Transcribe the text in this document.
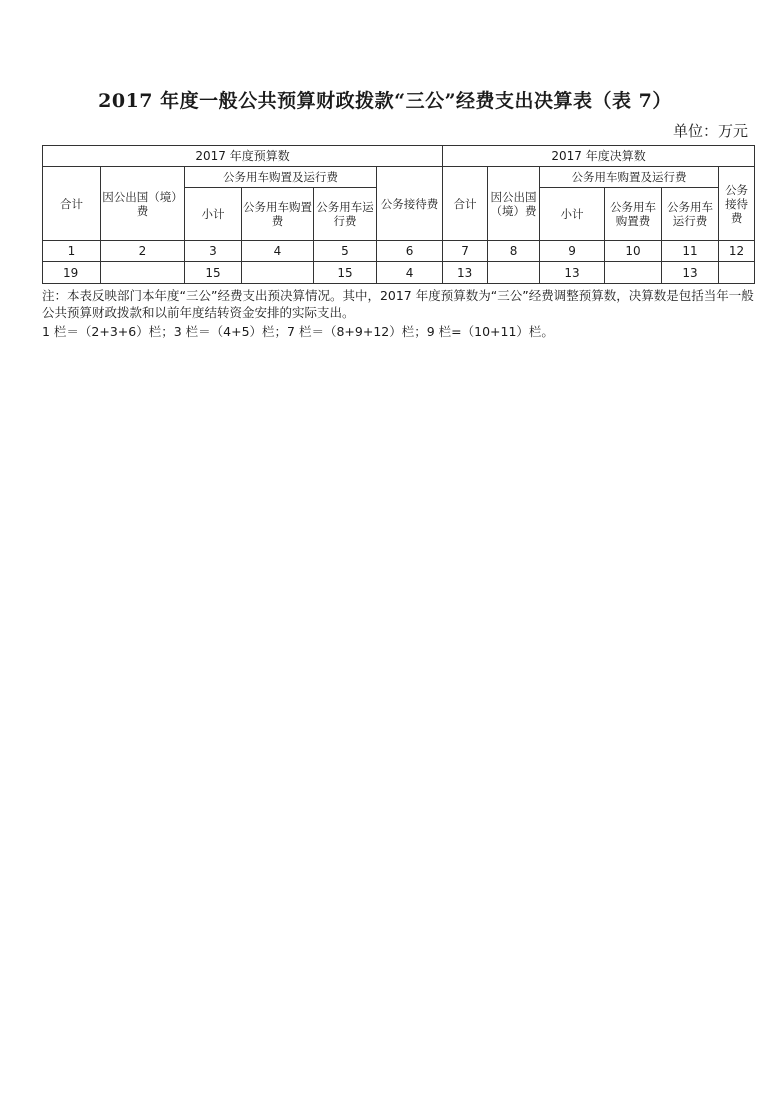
2017 年度一般公共预算财政拨款“三公”经费支出决算表（表 7）
单位：万元
2017 年度预算数						2017 年度决算数					
合计	因公出国（境）费	公务用车购置及运行费			公务接待费	合计	因公出国（境）费	公务用车购置及运行费			公务接待费
		小计	公务用车购置费	公务用车运行费				小计	公务用车购置费	公务用车运行费	
1	2	3	4	5	6	7	8	9	10	11	12
19		15		15	4	13		13		13	

注：本表反映部门本年度“三公”经费支出预决算情况。其中，2017 年度预算数为“三公”经费调整预算数，决算数是包括当年一般公共预算财政拨款和以前年度结转资金安排的实际支出。

1 栏＝（2+3+6）栏；3 栏＝（4+5）栏；7 栏＝（8+9+12）栏；9 栏=（10+11）栏。
